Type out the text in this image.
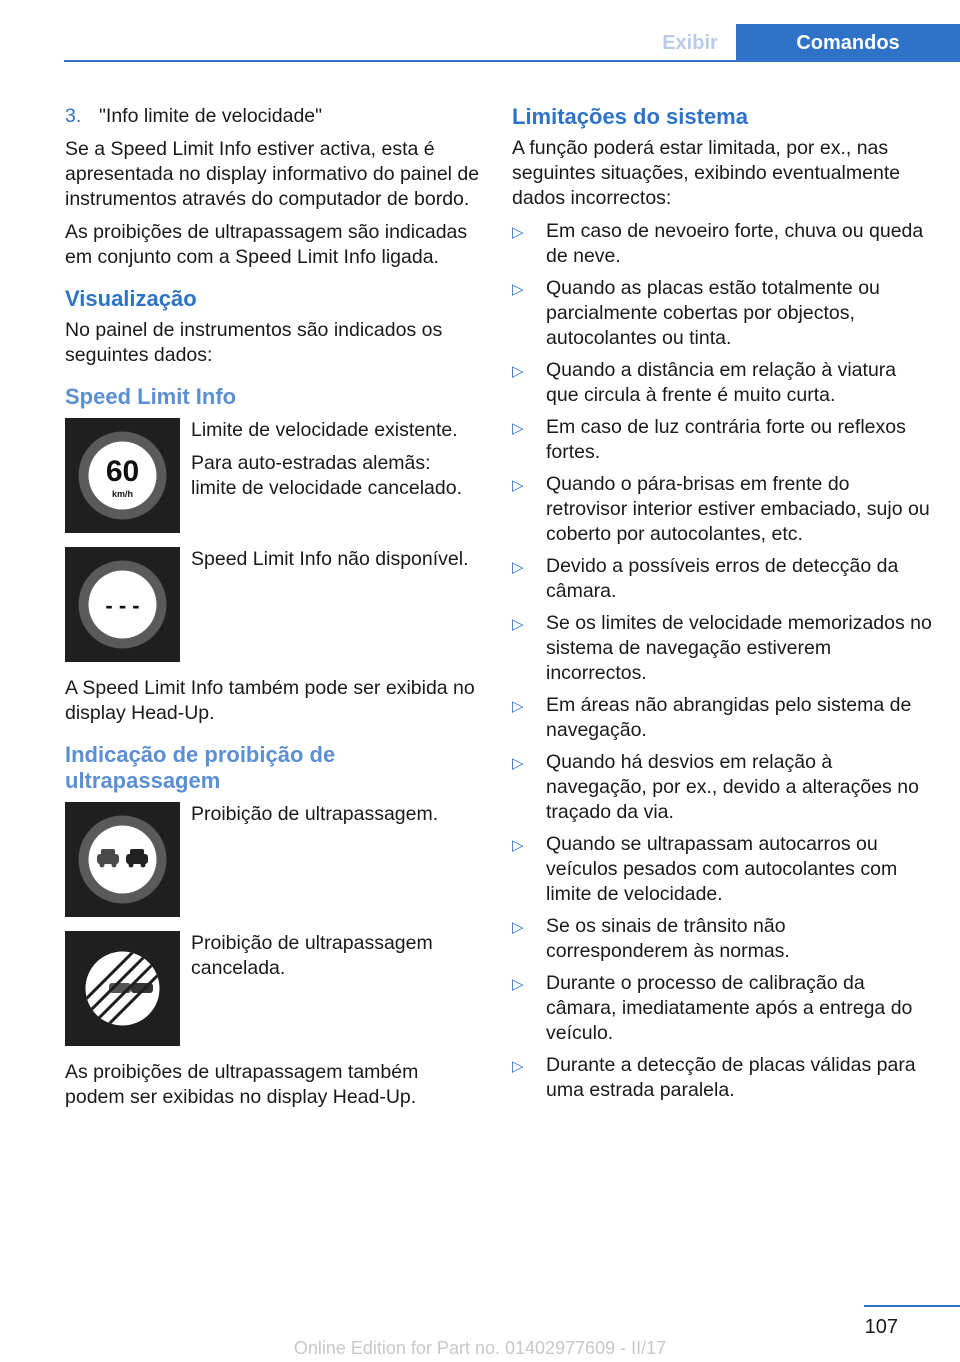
Exibir	Comandos
3. "Info limite de velocidade"

Se a Speed Limit Info estiver activa, esta é apresentada no display informativo do painel de instrumentos através do computador de bordo.

As proibições de ultrapassagem são indicadas em conjunto com a Speed Limit Info ligada.

Visualização

No painel de instrumentos são indicados os seguintes dados:

Speed Limit Info
60
km/h

Limite de velocidade existente.

Para auto-estradas alemãs: limite de velocidade cancelado.

- - -

Speed Limit Info não disponível.

A Speed Limit Info também pode ser exibida no display Head-Up.

Indicação de proibição de ultrapassagem

Proibição de ultrapassagem.

Proibição de ultrapassagem cancelada.

As proibições de ultrapassagem também podem ser exibidas no display Head-Up.

Limitações do sistema

A função poderá estar limitada, por ex., nas seguintes situações, exibindo eventualmente dados incorrectos:

▷	Em caso de nevoeiro forte, chuva ou queda de neve.
▷	Quando as placas estão totalmente ou parcialmente cobertas por objectos, autocolantes ou tinta.
▷	Quando a distância em relação à viatura que circula à frente é muito curta.
▷	Em caso de luz contrária forte ou reflexos fortes.
▷	Quando o pára-brisas em frente do retrovisor interior estiver embaciado, sujo ou coberto por autocolantes, etc.
▷	Devido a possíveis erros de detecção da câmara.
▷	Se os limites de velocidade memorizados no sistema de navegação estiverem incorrectos.
▷	Em áreas não abrangidas pelo sistema de navegação.
▷	Quando há desvios em relação à navegação, por ex., devido a alterações no traçado da via.
▷	Quando se ultrapassam autocarros ou veículos pesados com autocolantes com limite de velocidade.
▷	Se os sinais de trânsito não corresponderem às normas.
▷	Durante o processo de calibração da câmara, imediatamente após a entrega do veículo.
▷	Durante a detecção de placas válidas para uma estrada paralela.
107
Online Edition for Part no. 01402977609 - II/17
